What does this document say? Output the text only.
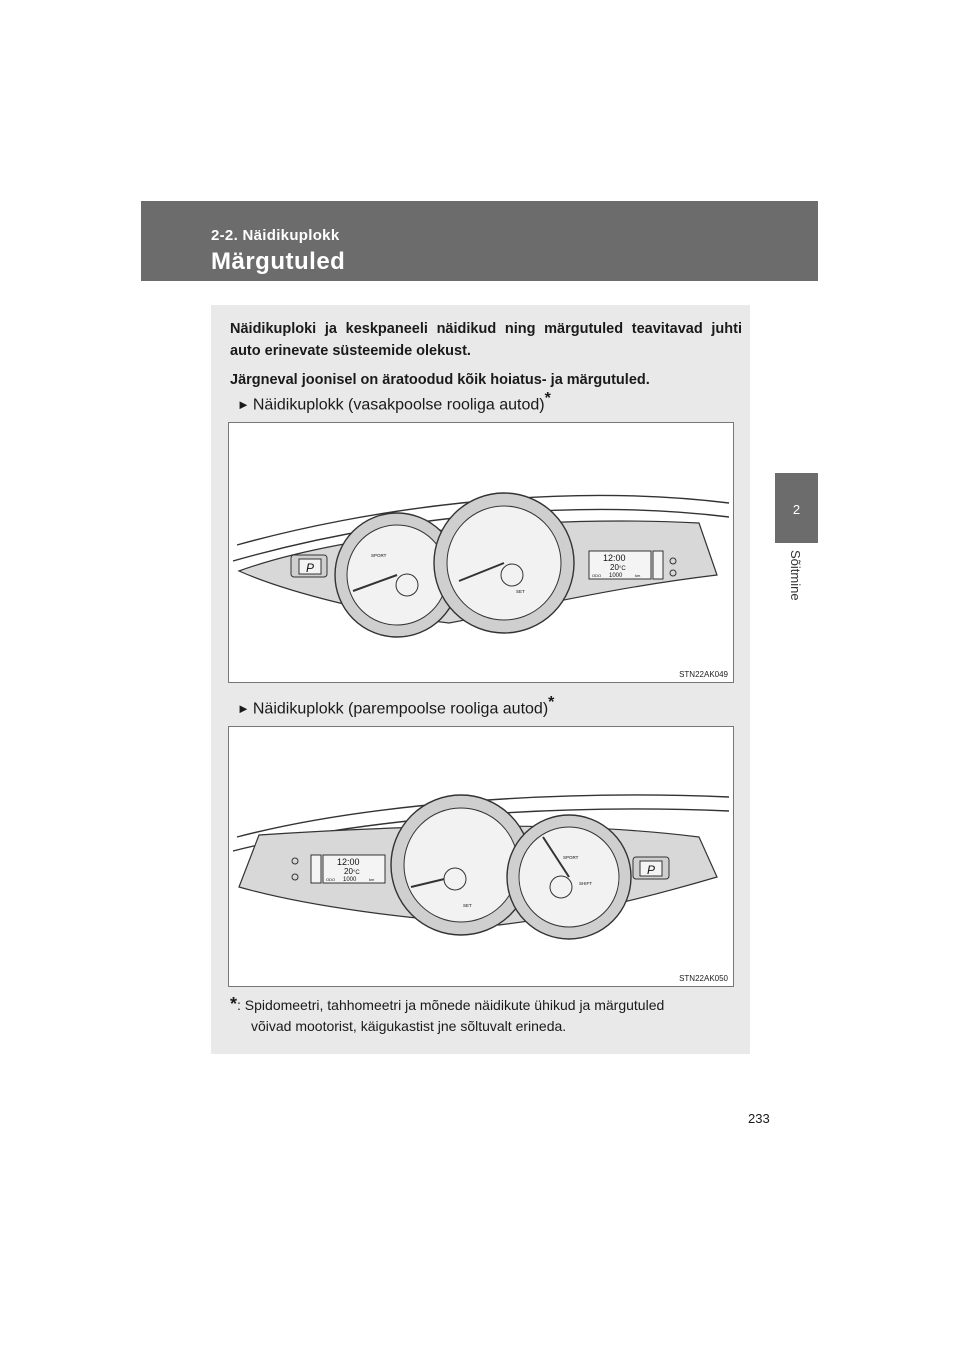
2-2. Näidikuplokk
Märgutuled
2
Sõitmine

Näidikuploki ja keskpaneeli näidikud ning märgutuled teavitavad juhti auto erinevate süsteemide olekust.

Järgneval joonisel on äratoodud kõik hoiatus- ja märgutuled.

► Näidikuplokk (vasakpoolse rooliga autod)*
P
SPORT
SET
12:00
20 °C
ODO 1000	km
STN22AK049
► Näidikuplokk (parempoolse rooliga autod)*
12:00
20 °C
ODO 1000	km
SET
SPORT
SHIFT
P
STN22AK050
*: Spidomeetri, tahhomeetri ja mõnede näidikute ühikud ja märgutuled
võivad mootorist, käigukastist jne sõltuvalt erineda.
233
